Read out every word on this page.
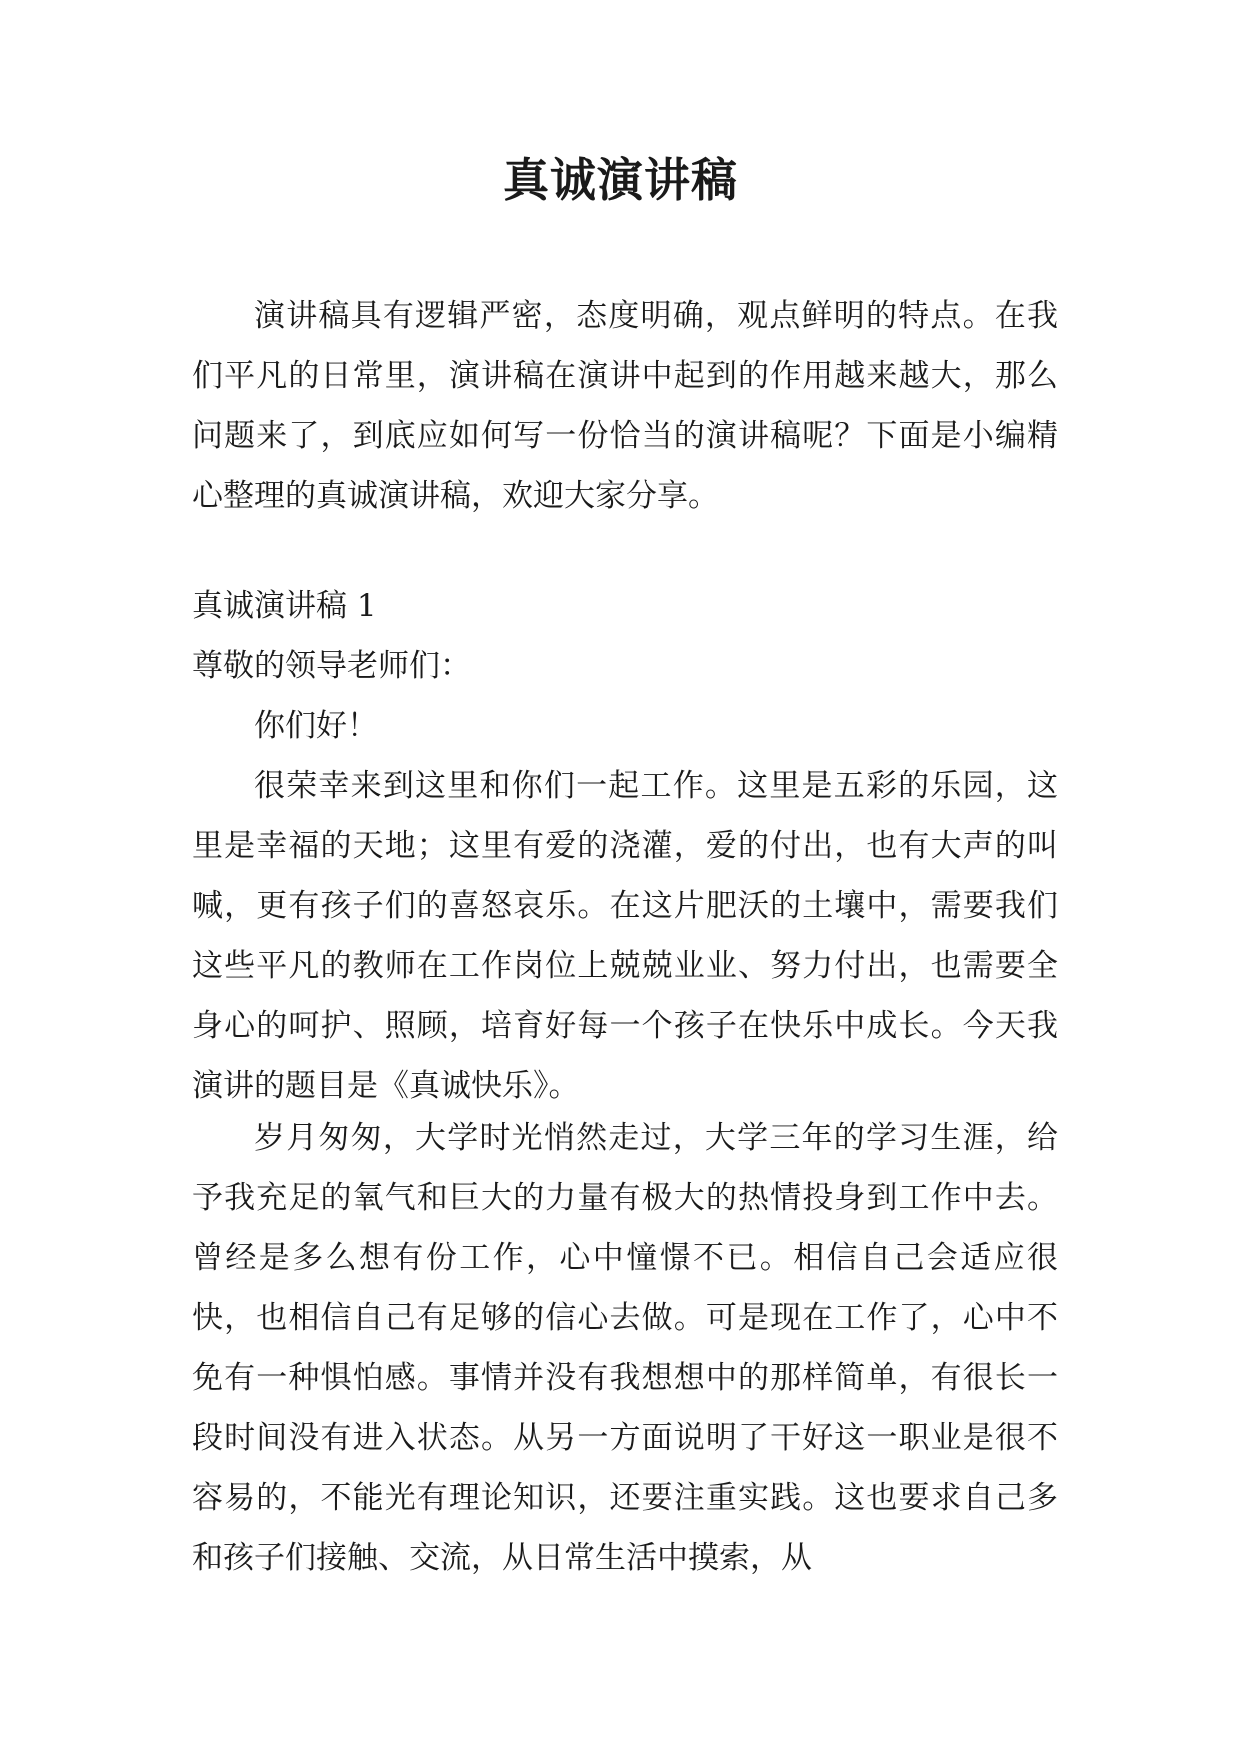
真诚演讲稿

演讲稿具有逻辑严密，态度明确，观点鲜明的特点。在我们平凡的日常里，演讲稿在演讲中起到的作用越来越大，那么问题来了，到底应如何写一份恰当的演讲稿呢？下面是小编精心整理的真诚演讲稿，欢迎大家分享。

真诚演讲稿 1

尊敬的领导老师们：

你们好！

很荣幸来到这里和你们一起工作。这里是五彩的乐园，这里是幸福的天地；这里有爱的浇灌，爱的付出，也有大声的叫喊，更有孩子们的喜怒哀乐。在这片肥沃的土壤中，需要我们这些平凡的教师在工作岗位上兢兢业业、努力付出，也需要全身心的呵护、照顾，培育好每一个孩子在快乐中成长。今天我演讲的题目是《真诚快乐》。

岁月匆匆，大学时光悄然走过，大学三年的学习生涯，给予我充足的氧气和巨大的力量有极大的热情投身到工作中去。曾经是多么想有份工作，心中憧憬不已。相信自己会适应很快，也相信自己有足够的信心去做。可是现在工作了，心中不免有一种惧怕感。事情并没有我想想中的那样简单，有很长一段时间没有进入状态。从另一方面说明了干好这一职业是很不容易的，不能光有理论知识，还要注重实践。这也要求自己多和孩子们接触、交流，从日常生活中摸索，从
